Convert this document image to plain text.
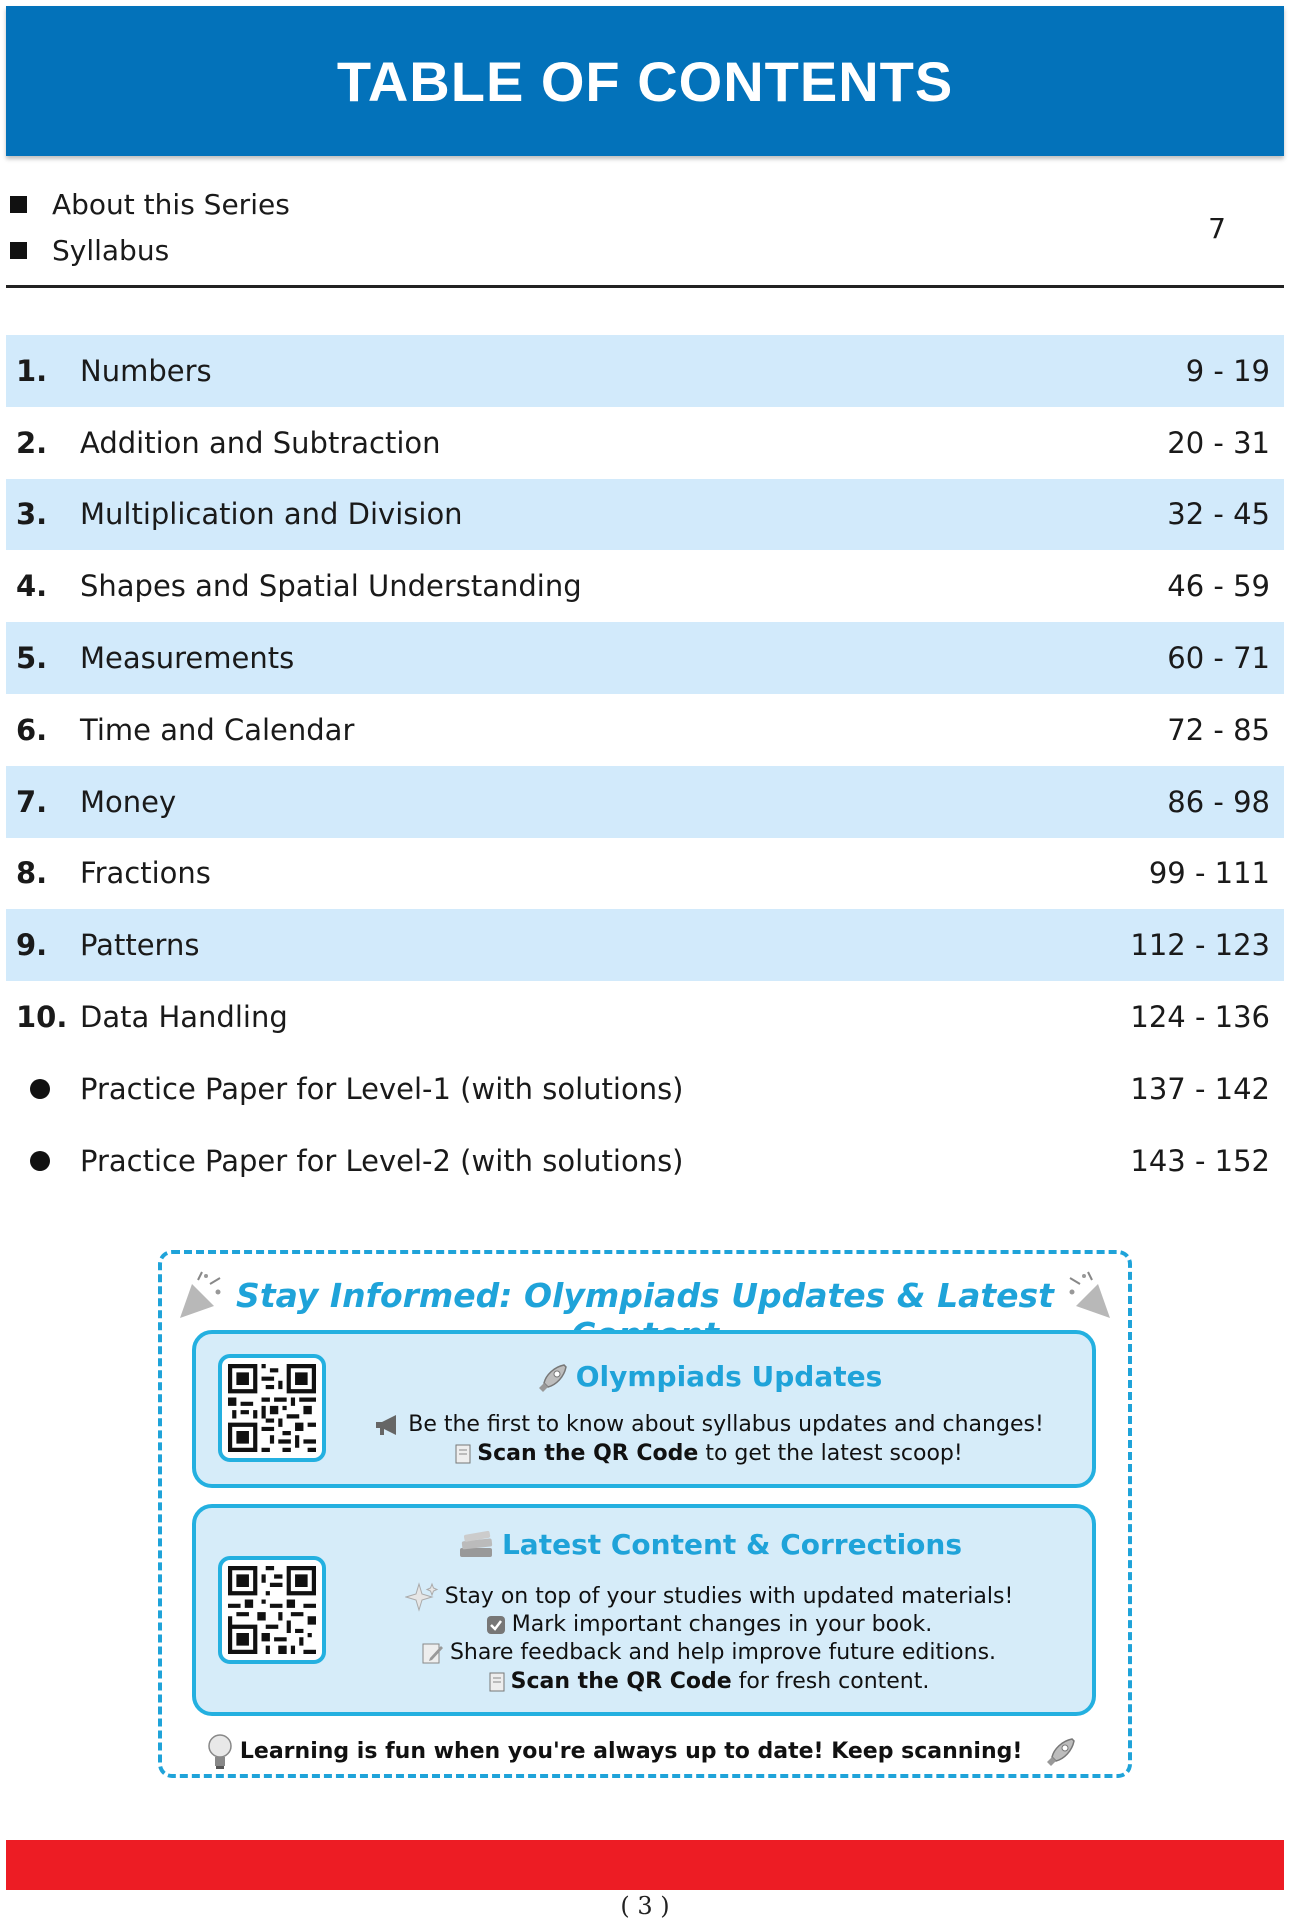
TABLE OF CONTENTS
About this Series
Syllabus
7
1.	Numbers	9 - 19
2.	Addition and Subtraction	20 - 31
3.	Multiplication and Division	32 - 45
4.	Shapes and Spatial Understanding	46 - 59
5.	Measurements	60 - 71
6.	Time and Calendar	72 - 85
7.	Money	86 - 98
8.	Fractions	99 - 111
9.	Patterns	112 - 123
10. Data Handling	124 - 136
Practice Paper for Level-1 (with solutions)	137 - 142
Practice Paper for Level-2 (with solutions)	143 - 152
Stay Informed: Olympiads Updates & Latest
Olympiads Updates
Be the first to know about syllabus updates and changes!
Scan the QR Code to get the latest scoop!
Latest Content & Corrections
Stay on top of your studies with updated materials!
Mark important changes in your book.
Share feedback and help improve future editions.
Scan the QR Code for fresh content.
Learning is fun when you're always up to date! Keep scanning!
( 3 )
